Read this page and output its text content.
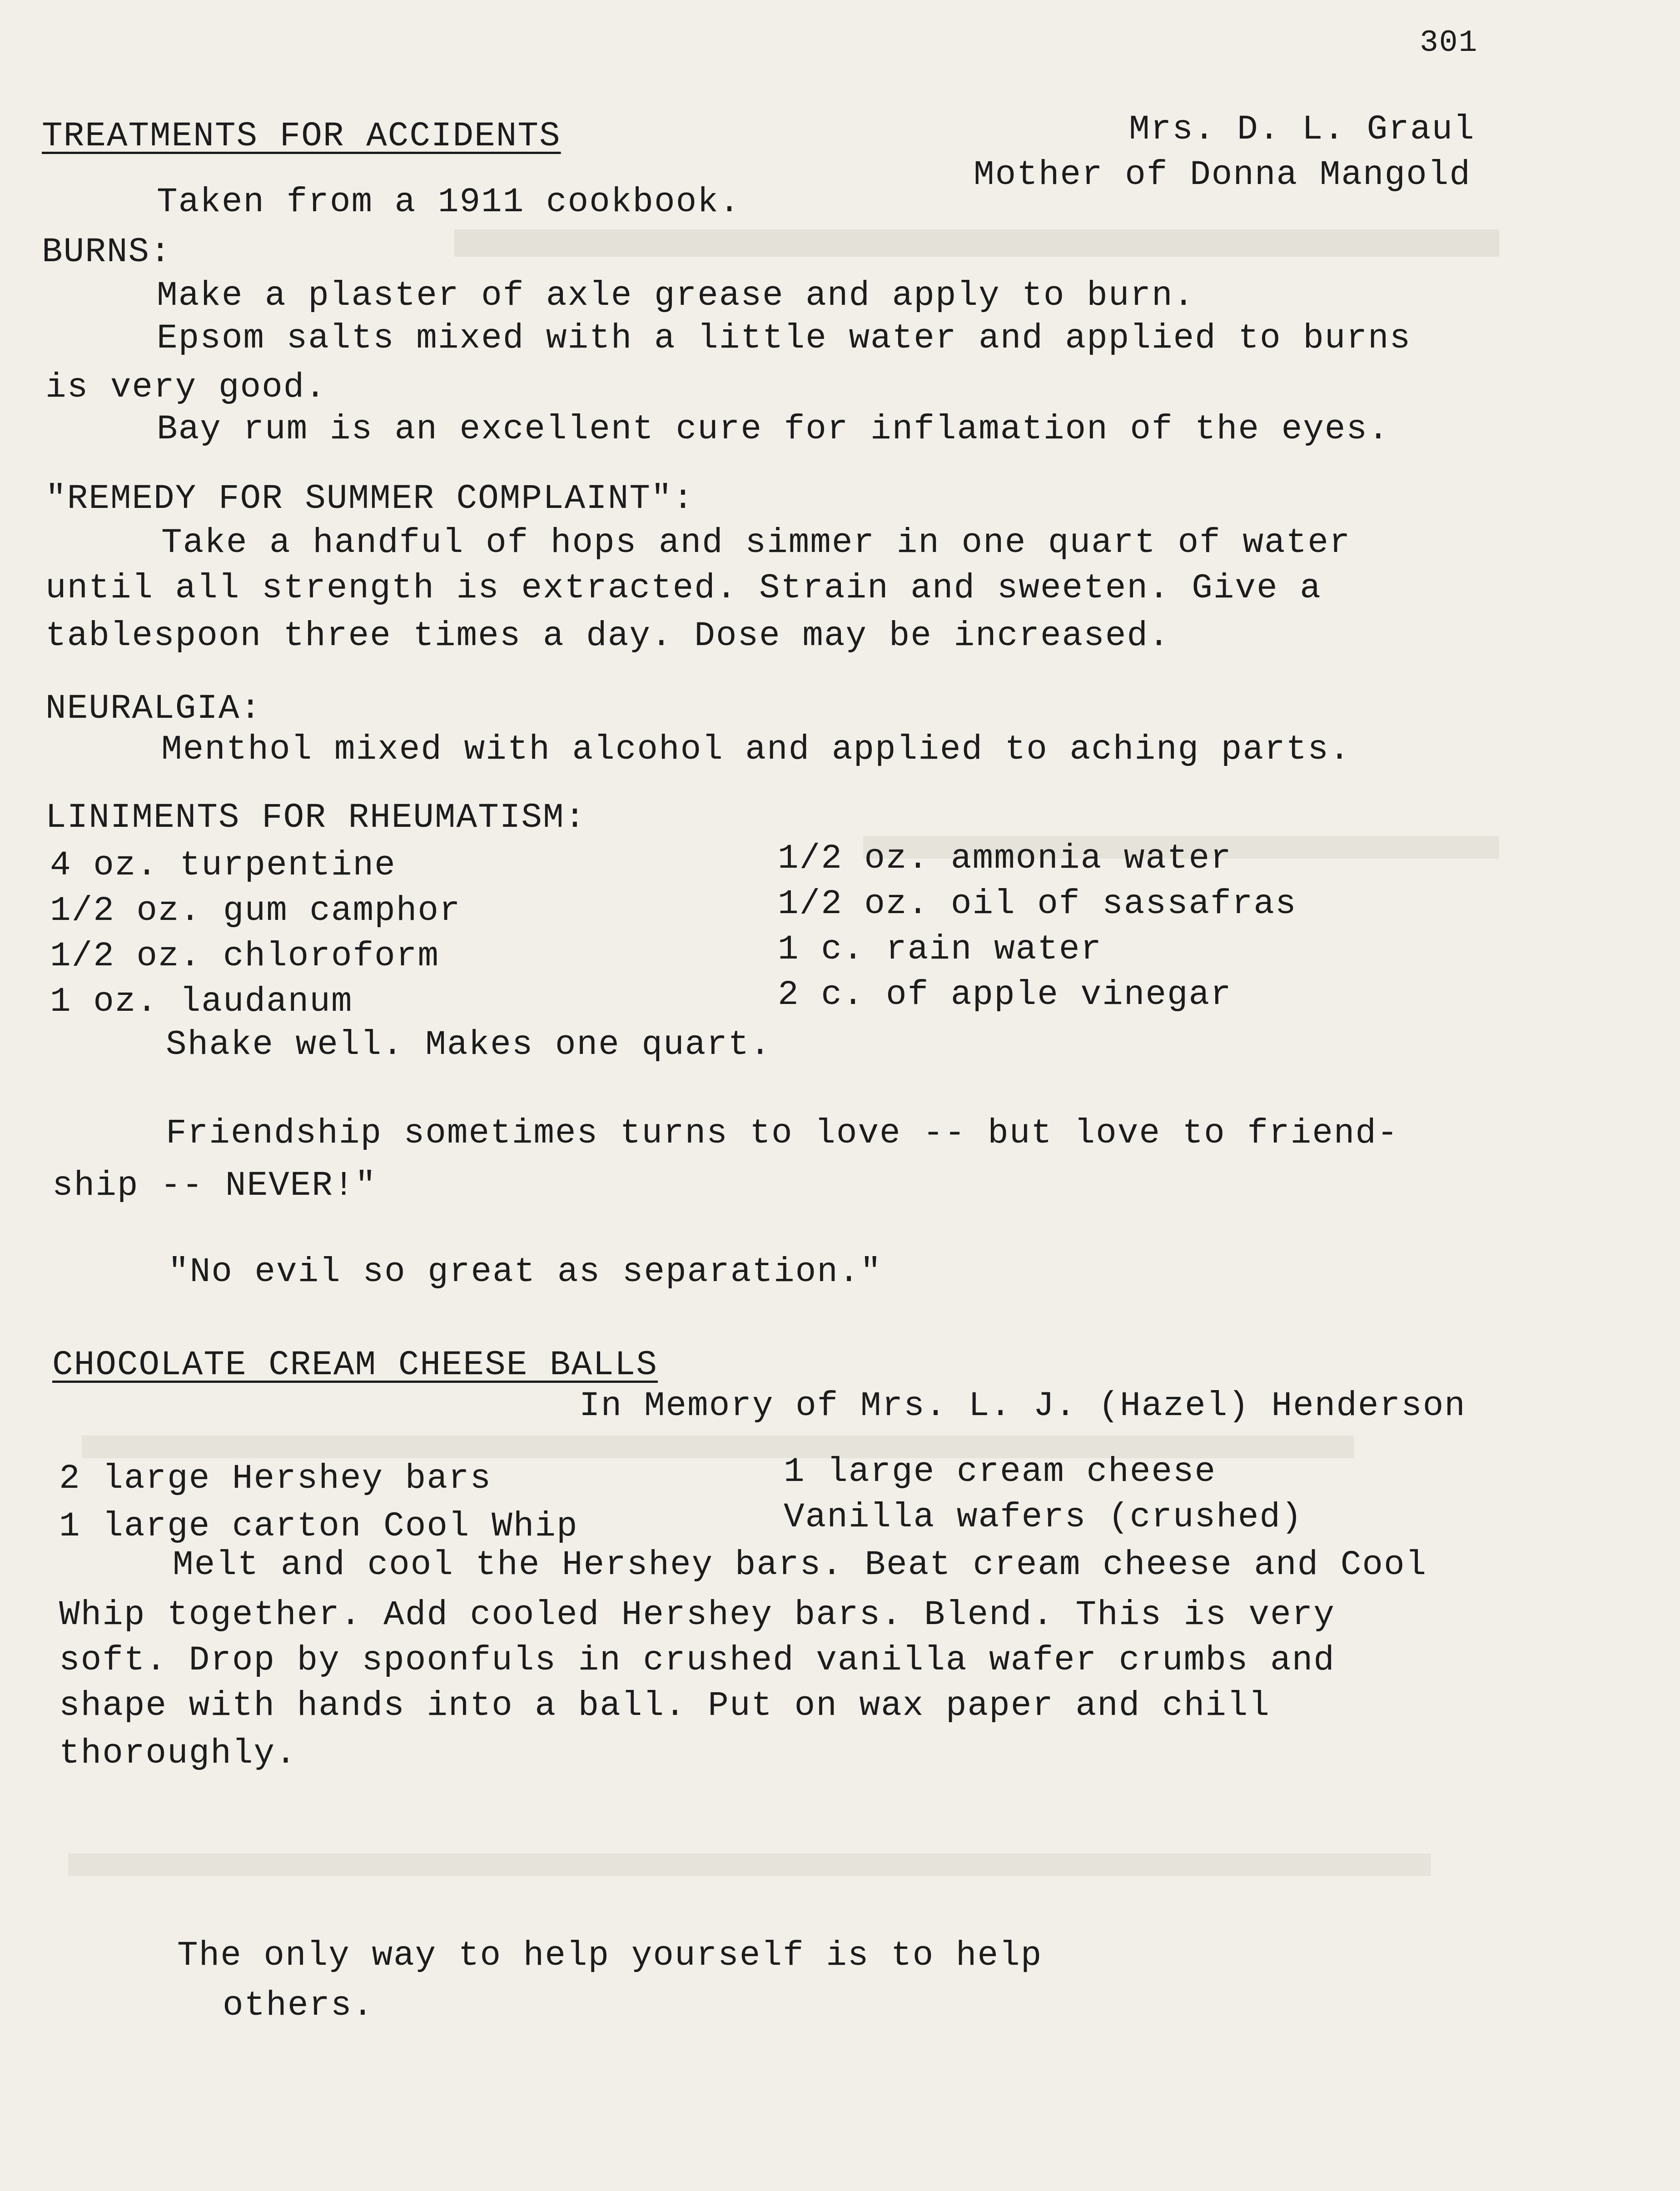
301
TREATMENTS FOR ACCIDENTS	Mrs. D. L. Graul
Mother of Donna Mangold
Taken from a 1911 cookbook.
BURNS:
Make a plaster of axle grease and apply to burn.
Epsom salts mixed with a little water and applied to burns
is very good.
Bay rum is an excellent cure for inflamation of the eyes.
"REMEDY FOR SUMMER COMPLAINT":
Take a handful of hops and simmer in one quart of water
until all strength is extracted. Strain and sweeten. Give a
tablespoon three times a day. Dose may be increased.
NEURALGIA:
Menthol mixed with alcohol and applied to aching parts.
LINIMENTS FOR RHEUMATISM:
4 oz. turpentine
1/2 oz. gum camphor
1/2 oz. chloroform
1 oz. laudanum
1/2 oz. ammonia water
1/2 oz. oil of sassafras
1 c. rain water
2 c. of apple vinegar
Shake well. Makes one quart.
Friendship sometimes turns to love -- but love to friend-
ship -- NEVER!"
"No evil so great as separation."
CHOCOLATE CREAM CHEESE BALLS
In Memory of Mrs. L. J. (Hazel) Henderson
2 large Hershey bars
1 large carton Cool Whip
1 large cream cheese
Vanilla wafers (crushed)
Melt and cool the Hershey bars. Beat cream cheese and Cool
Whip together. Add cooled Hershey bars. Blend. This is very
soft. Drop by spoonfuls in crushed vanilla wafer crumbs and
shape with hands into a ball. Put on wax paper and chill
thoroughly.
The only way to help yourself is to help
others.
